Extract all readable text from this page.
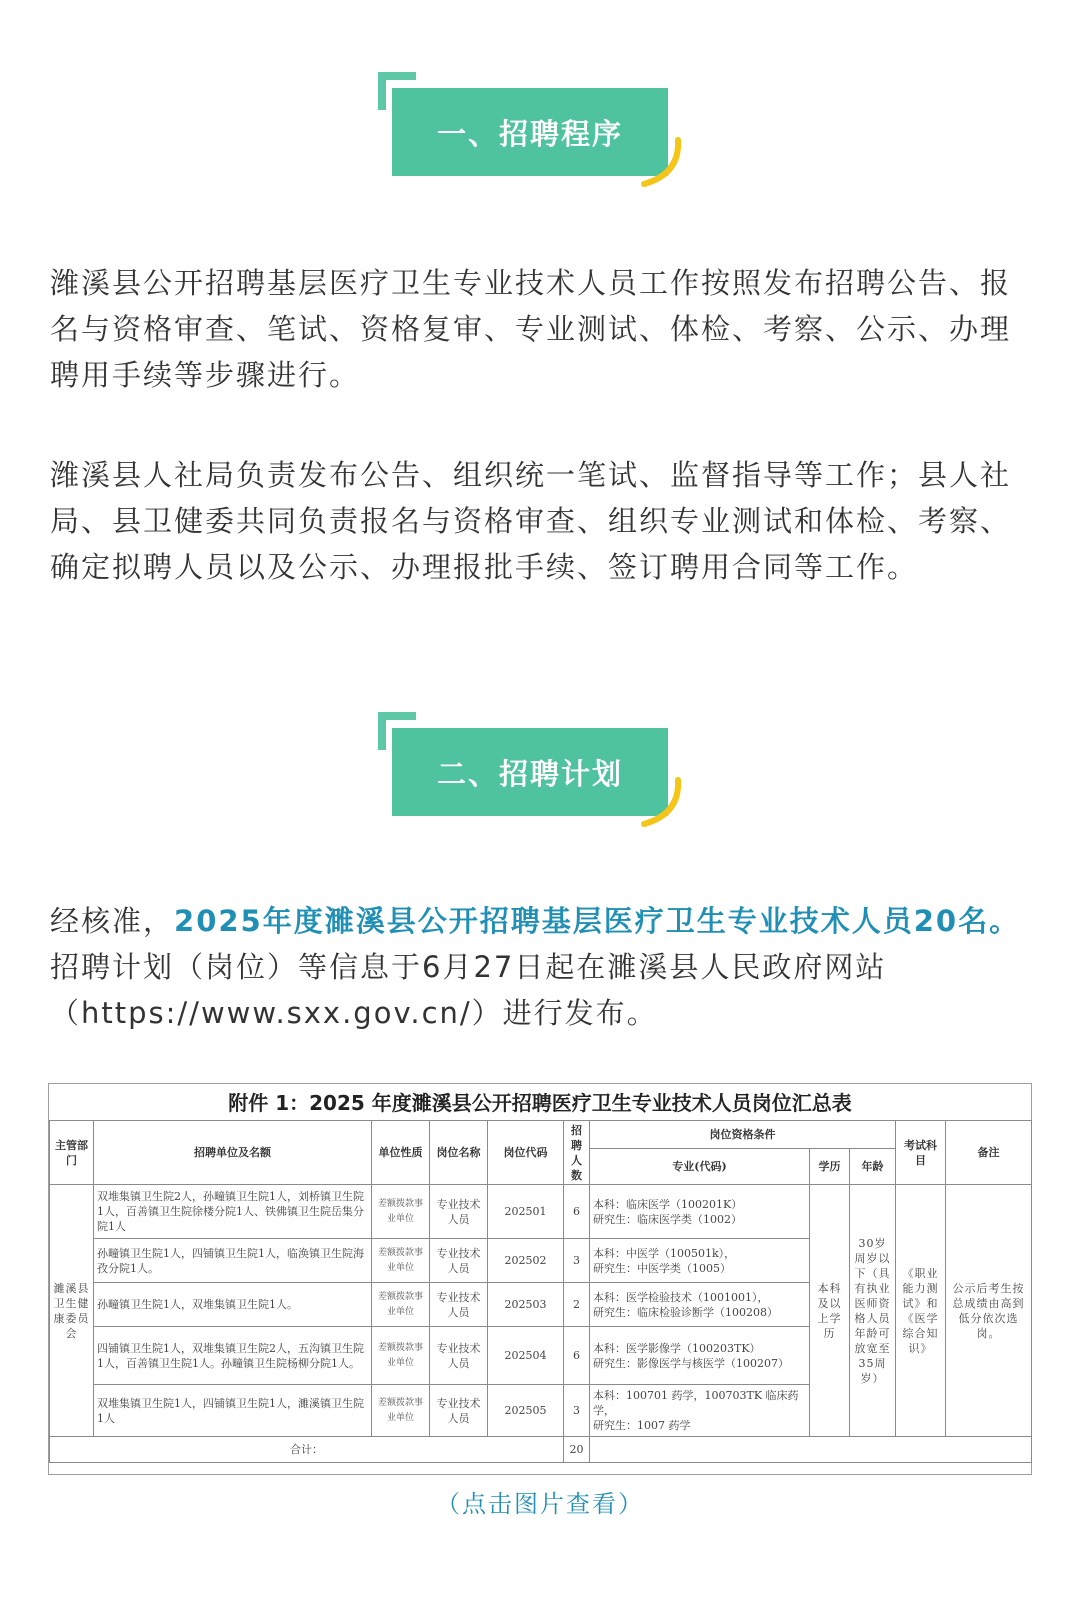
一、招聘程序

潍溪县公开招聘基层医疗卫生专业技术人员工作按照发布招聘公告、报名与资格审查、笔试、资格复审、专业测试、体检、考察、公示、办理聘用手续等步骤进行。

潍溪县人社局负责发布公告、组织统一笔试、监督指导等工作；县人社局、县卫健委共同负责报名与资格审查、组织专业测试和体检、考察、确定拟聘人员以及公示、办理报批手续、签订聘用合同等工作。

二、招聘计划

经核准，2025年度濉溪县公开招聘基层医疗卫生专业技术人员20名。招聘计划（岗位）等信息于6月27日起在濉溪县人民政府网站（https://www.sxx.gov.cn/）进行发布。

附件 1：2025 年度濉溪县公开招聘医疗卫生专业技术人员岗位汇总表
主管部门	招聘单位及名额	单位性质	岗位名称	岗位代码	招聘人数	岗位资格条件			考试科目	备注
						专业(代码)	学历	年龄		
濉溪县卫生健康委员会	双堆集镇卫生院2人，孙疃镇卫生院1人，刘桥镇卫生院1人，百善镇卫生院徐楼分院1人、铁佛镇卫生院岳集分院1人	差额拨款事业单位	专业技术人员	202501	6	本科：临床医学（100201K）
研究生：临床医学类（1002）	本科及以上学历	30岁周岁以下（具有执业医师资格人员年龄可放宽至35周岁）	《职业能力测试》和《医学综合知识》	公示后考生按总成绩由高到低分依次选岗。
	孙疃镇卫生院1人，四铺镇卫生院1人，临涣镇卫生院海孜分院1人。	差额拨款事业单位	专业技术人员	202502	3	本科：中医学（100501k），
研究生：中医学类（1005）				
	孙疃镇卫生院1人，双堆集镇卫生院1人。	差额拨款事业单位	专业技术人员	202503	2	本科：医学检验技术（1001001），
研究生：临床检验诊断学（100208）				
	四铺镇卫生院1人，双堆集镇卫生院2人，五沟镇卫生院1人，百善镇卫生院1人。孙疃镇卫生院杨柳分院1人。	差额拨款事业单位	专业技术人员	202504	6	本科：医学影像学（100203TK）
研究生：影像医学与核医学（100207）				
	双堆集镇卫生院1人，四铺镇卫生院1人，濉溪镇卫生院1人	差额拨款事业单位	专业技术人员	202505	3	本科：100701 药学，100703TK 临床药学，
研究生：1007 药学				
合计：					20					
（点击图片查看）
